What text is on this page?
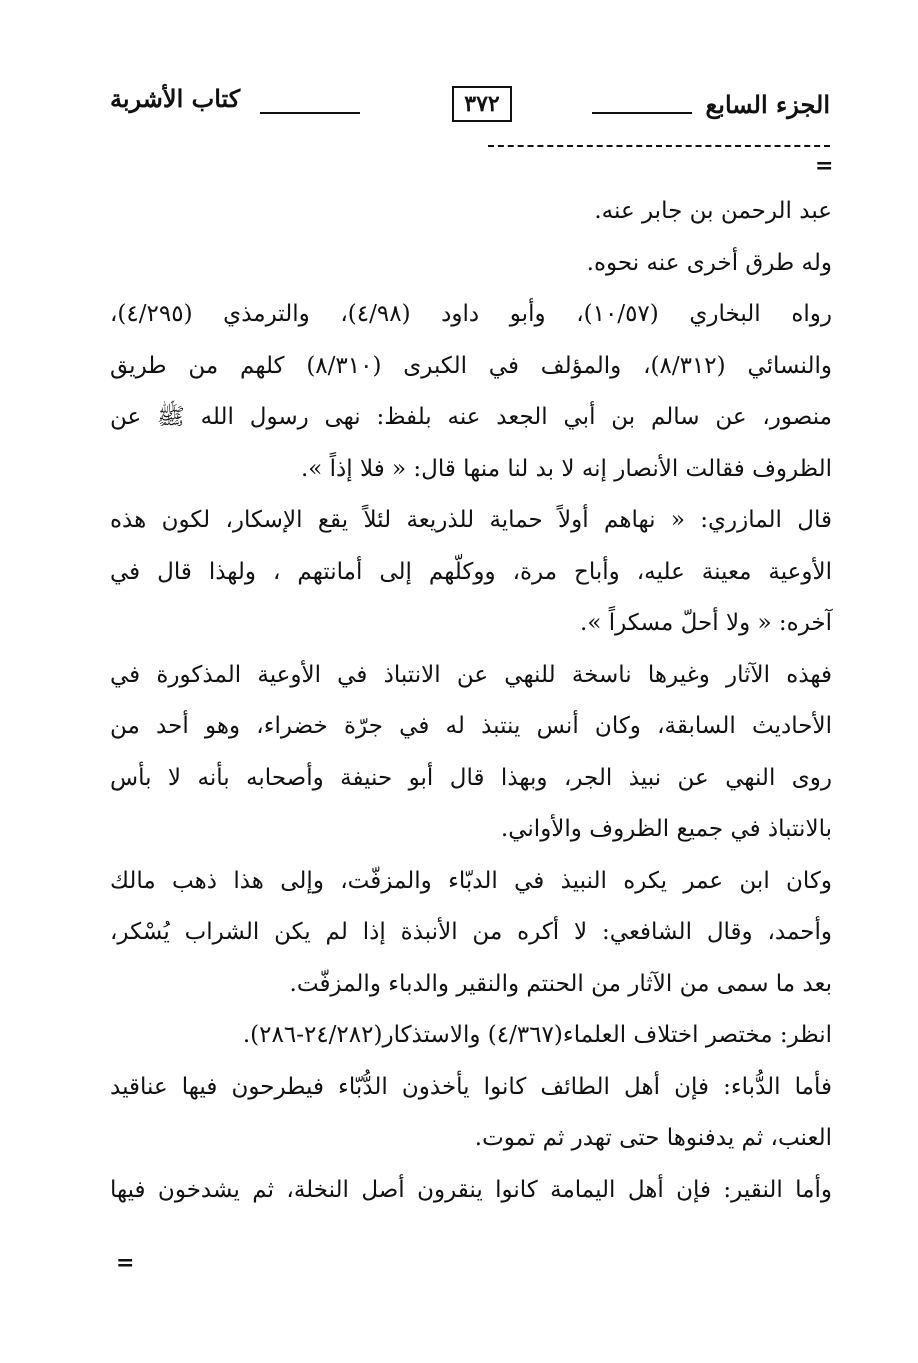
الجزء السابع
٣٧٢
كتاب الأشربة
=
عبد الرحمن بن جابر عنه.
وله طرق أخرى عنه نحوه.
رواه البخاري (١٠/٥٧)، وأبو داود (٤/٩٨)، والترمذي (٤/٢٩٥)،
والنسائي (٨/٣١٢)، والمؤلف في الكبرى (٨/٣١٠) كلهم من طريق
منصور، عن سالم بن أبي الجعد عنه بلفظ: نهى رسول الله ﷺ عن
الظروف فقالت الأنصار إنه لا بد لنا منها قال: « فلا إذاً ».
قال المازري: « نهاهم أولاً حماية للذريعة لئلاً يقع الإسكار، لكون هذه
الأوعية معينة عليه، وأباح مرة، ووكلّهم إلى أمانتهم ، ولهذا قال في
آخره: « ولا أحلّ مسكراً ».
فهذه الآثار وغيرها ناسخة للنهي عن الانتباذ في الأوعية المذكورة في
الأحاديث السابقة، وكان أنس ينتبذ له في جرّة خضراء، وهو أحد من
روى النهي عن نبيذ الجر، وبهذا قال أبو حنيفة وأصحابه بأنه لا بأس
بالانتباذ في جميع الظروف والأواني.
وكان ابن عمر يكره النبيذ في الدبّاء والمزفّت، وإلى هذا ذهب مالك
وأحمد، وقال الشافعي: لا أكره من الأنبذة إذا لم يكن الشراب يُسْكر،
بعد ما سمى من الآثار من الحنتم والنقير والدباء والمزفّت.
انظر: مختصر اختلاف العلماء(٤/٣٦٧) والاستذكار(٢٤/٢٨٢-٢٨٦).
فأما الدُّباء: فإن أهل الطائف كانوا يأخذون الدُّبّاء فيطرحون فيها عناقيد
العنب، ثم يدفنوها حتى تهدر ثم تموت.
وأما النقير: فإن أهل اليمامة كانوا ينقرون أصل النخلة، ثم يشدخون فيها
=
